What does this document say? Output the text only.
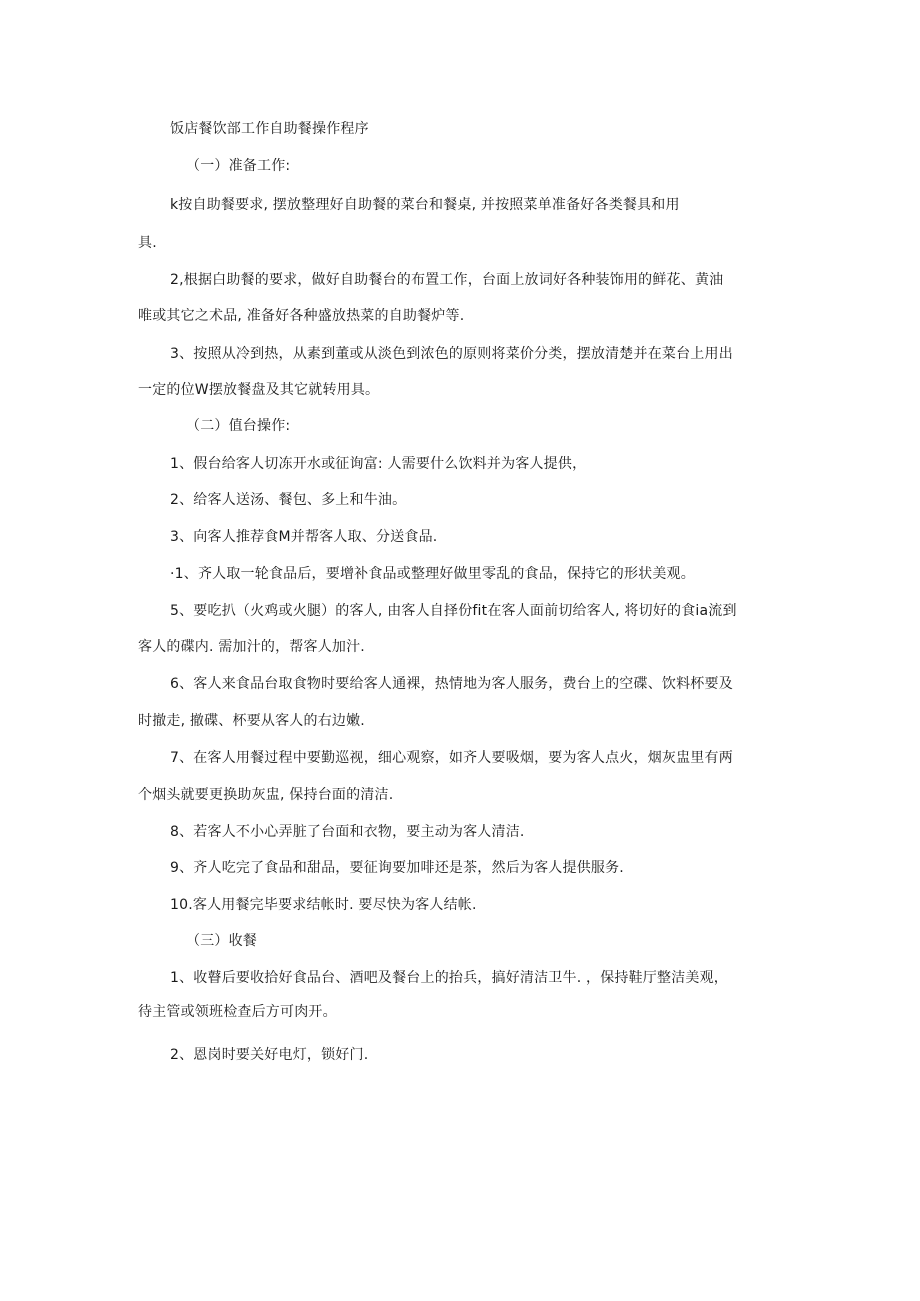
饭店餐饮部工作自助餐操作程序
（一）准备工作:
k按自助餐要求, 摆放整理好自助餐的菜台和餐桌, 并按照菜单准备好各类餐具和用
具.
2,根据白助餐的要求，做好自助餐台的布置工作，台面上放词好各种装饰用的鲜花、黄油
唯或其它之术品, 准备好各种盛放热菜的自助餐炉等.
3、按照从冷到热，从素到董或从淡色到浓色的原则将菜价分类，摆放清楚并在菜台上用出
一定的位W摆放餐盘及其它就转用具。
（二）值台操作:
1、假台给客人切冻开水或征询富: 人需要什么饮料并为客人提供，
2、给客人送汤、餐包、多上和牛油。
3、向客人推荐食M并帮客人取、分送食品.
·1、齐人取一轮食品后，要增补食品或整理好做里零乱的食品，保持它的形状美观。
5、要吃扒（火鸡或火腿）的客人, 由客人自择份fit在客人面前切给客人, 将切好的食ia流到
客人的碟内. 需加汁的，帮客人加汁.
6、客人来食品台取食物时要给客人通裸，热情地为客人服务，费台上的空碟、饮料杯要及
时撤走, 撤碟、杯要从客人的右边嫩.
7、在客人用餐过程中要勤巡视，细心观察，如齐人要吸烟，要为客人点火，烟灰盅里有两
个烟头就要更换助灰盅, 保持台面的清洁.
8、若客人不小心弄脏了台面和衣物，要主动为客人清洁.
9、齐人吃完了食品和甜品，要征询要加啡还是茶，然后为客人提供服务.
10.客人用餐完毕要求结帐时. 要尽快为客人结帐.
（三）收餐
1、收瞽后要收拾好食品台、酒吧及餐台上的抬兵，搞好清洁卫牛. ，保持鞋厅整洁美观，
待主管或领班检查后方可肉开。
2、恩岗时要关好电灯，锁好门.
